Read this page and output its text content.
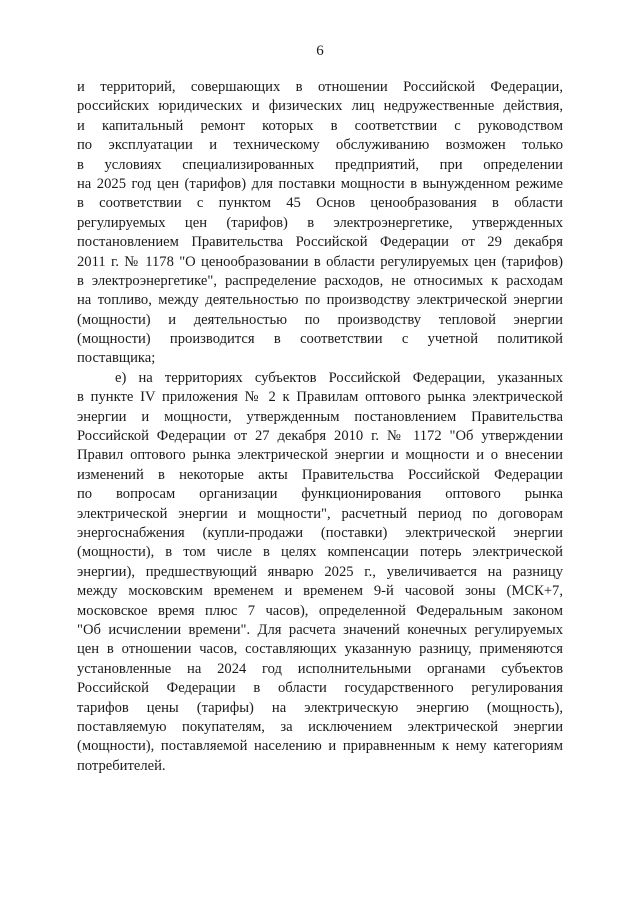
6
и территорий, совершающих в отношении Российской Федерации,
российских юридических и физических лиц недружественные действия,
и капитальный ремонт которых в соответствии с руководством
по эксплуатации и техническому обслуживанию возможен только
в условиях специализированных предприятий, при определении
на 2025 год цен (тарифов) для поставки мощности в вынужденном режиме
в соответствии с пунктом 45 Основ ценообразования в области
регулируемых цен (тарифов) в электроэнергетике, утвержденных
постановлением Правительства Российской Федерации от 29 декабря
2011 г. № 1178 "О ценообразовании в области регулируемых цен (тарифов)
в электроэнергетике", распределение расходов, не относимых к расходам
на топливо, между деятельностью по производству электрической энергии
(мощности) и деятельностью по производству тепловой энергии
(мощности) производится в соответствии с учетной политикой
поставщика;
е) на территориях субъектов Российской Федерации, указанных
в пункте IV приложения № 2 к Правилам оптового рынка электрической
энергии и мощности, утвержденным постановлением Правительства
Российской Федерации от 27 декабря 2010 г. № 1172 "Об утверждении
Правил оптового рынка электрической энергии и мощности и о внесении
изменений в некоторые акты Правительства Российской Федерации
по вопросам организации функционирования оптового рынка
электрической энергии и мощности", расчетный период по договорам
энергоснабжения (купли-продажи (поставки) электрической энергии
(мощности), в том числе в целях компенсации потерь электрической
энергии), предшествующий январю 2025 г., увеличивается на разницу
между московским временем и временем 9-й часовой зоны (МСК+7,
московское время плюс 7 часов), определенной Федеральным законом
"Об исчислении времени". Для расчета значений конечных регулируемых
цен в отношении часов, составляющих указанную разницу, применяются
установленные на 2024 год исполнительными органами субъектов
Российской Федерации в области государственного регулирования
тарифов цены (тарифы) на электрическую энергию (мощность),
поставляемую покупателям, за исключением электрической энергии
(мощности), поставляемой населению и приравненным к нему категориям
потребителей.
